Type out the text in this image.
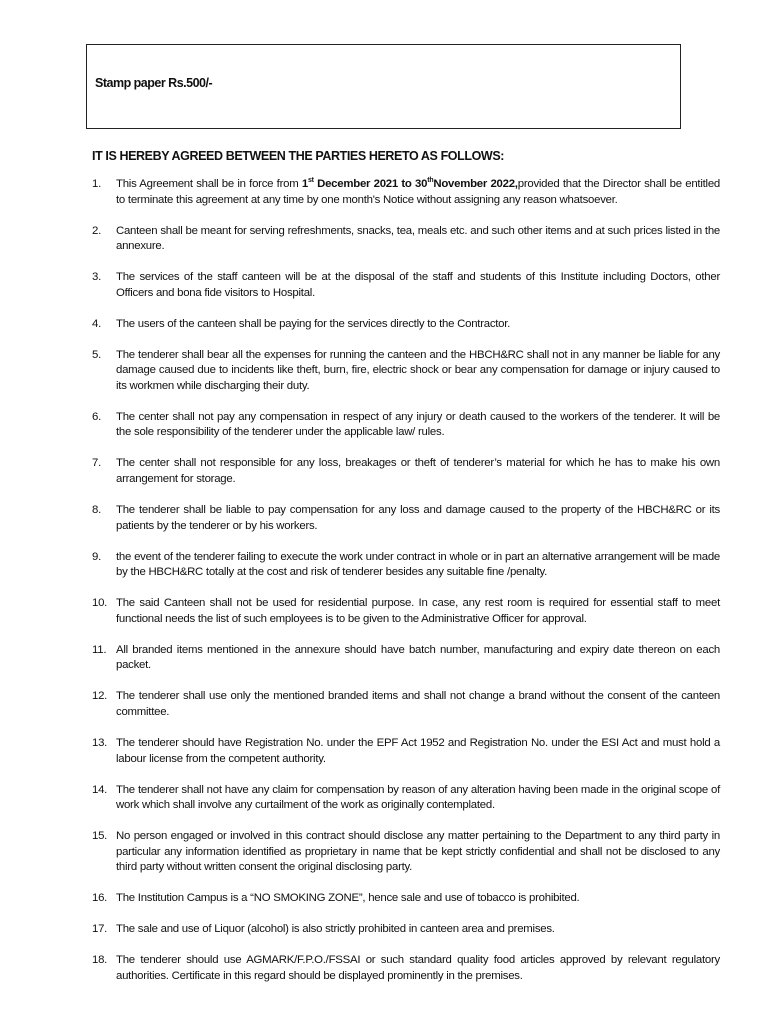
Stamp paper Rs.500/-
IT IS HEREBY AGREED BETWEEN THE PARTIES HERETO AS FOLLOWS:
1.	This Agreement shall be in force from 1st December 2021 to 30thNovember 2022,provided that the Director shall be entitled to terminate this agreement at any time by one month's Notice without assigning any reason whatsoever.
2.	Canteen shall be meant for serving refreshments, snacks, tea, meals etc. and such other items and at such prices listed in the annexure.
3.	The services of the staff canteen will be at the disposal of the staff and students of this Institute including Doctors, other Officers and bona fide visitors to Hospital.
4.	The users of the canteen shall be paying for the services directly to the Contractor.
5.	The tenderer shall bear all the expenses for running the canteen and the HBCH&RC shall not in any manner be liable for any damage caused due to incidents like theft, burn, fire, electric shock or bear any compensation for damage or injury caused to its workmen while discharging their duty.
6.	The center shall not pay any compensation in respect of any injury or death caused to the workers of the tenderer. It will be the sole responsibility of the tenderer under the applicable law/ rules.
7.	The center shall not responsible for any loss, breakages or theft of tenderer’s material for which he has to make his own arrangement for storage.
8.	The tenderer shall be liable to pay compensation for any loss and damage caused to the property of the HBCH&RC or its patients by the tenderer or by his workers.
9.	the event of the tenderer failing to execute the work under contract in whole or in part an alternative arrangement will be made by the HBCH&RC totally at the cost and risk of tenderer besides any suitable fine /penalty.
10. The said Canteen shall not be used for residential purpose. In case, any rest room is required for essential staff to meet functional needs the list of such employees is to be given to the Administrative Officer for approval.
11. All branded items mentioned in the annexure should have batch number, manufacturing and expiry date thereon on each packet.
12. The tenderer shall use only the mentioned branded items and shall not change a brand without the consent of the canteen committee.
13. The tenderer should have Registration No. under the EPF Act 1952 and Registration No. under the ESI Act and must hold a labour license from the competent authority.
14. The tenderer shall not have any claim for compensation by reason of any alteration having been made in the original scope of work which shall involve any curtailment of the work as originally contemplated.
15. No person engaged or involved in this contract should disclose any matter pertaining to the Department to any third party in particular any information identified as proprietary in name that be kept strictly confidential and shall not be disclosed to any third party without written consent the original disclosing party.
16. The Institution Campus is a “NO SMOKING ZONE”, hence sale and use of tobacco is prohibited.
17. The sale and use of Liquor (alcohol) is also strictly prohibited in canteen area and premises.
18. The tenderer should use AGMARK/F.P.O./FSSAI or such standard quality food articles approved by relevant regulatory authorities. Certificate in this regard should be displayed prominently in the premises.
